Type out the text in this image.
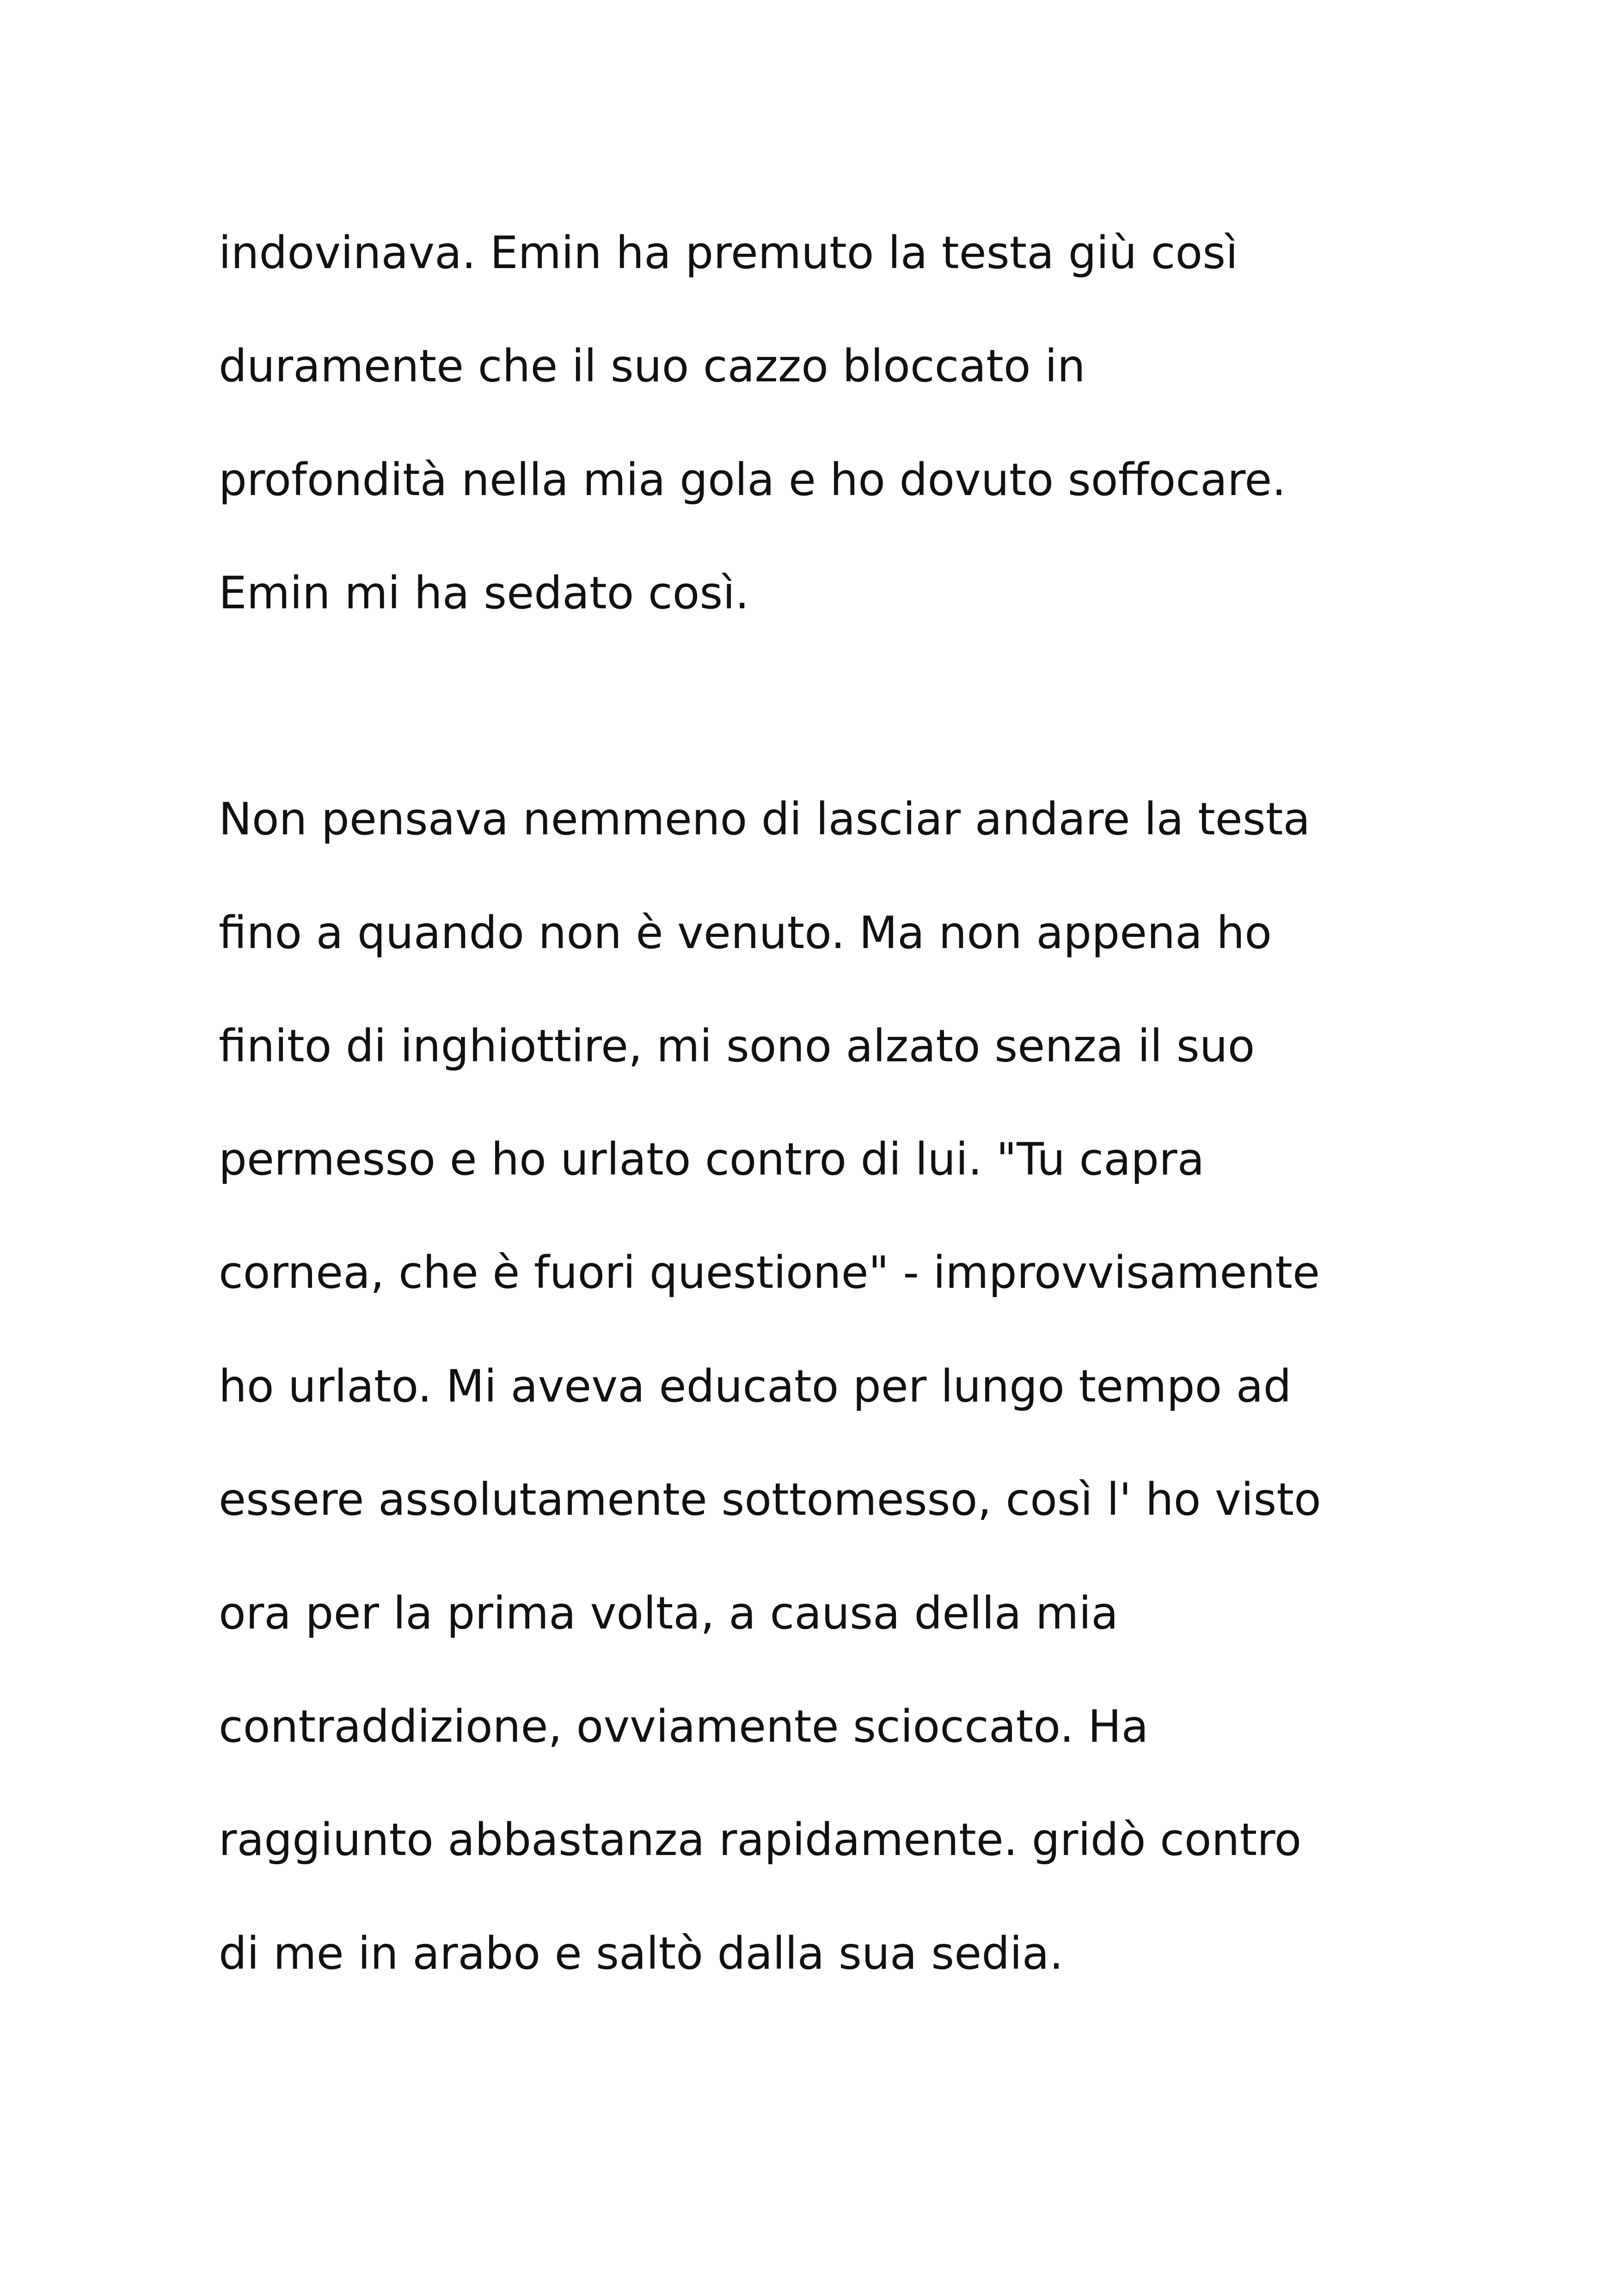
indovinava. Emin ha premuto la testa giù così

duramente che il suo cazzo bloccato in

profondità nella mia gola e ho dovuto soffocare.

Emin mi ha sedato così.

Non pensava nemmeno di lasciar andare la testa

fino a quando non è venuto. Ma non appena ho

finito di inghiottire, mi sono alzato senza il suo

permesso e ho urlato contro di lui. "Tu capra

cornea, che è fuori questione" - improvvisamente

ho urlato. Mi aveva educato per lungo tempo ad

essere assolutamente sottomesso, così l' ho visto

ora per la prima volta, a causa della mia

contraddizione, ovviamente scioccato. Ha

raggiunto abbastanza rapidamente. gridò contro

di me in arabo e saltò dalla sua sedia.
